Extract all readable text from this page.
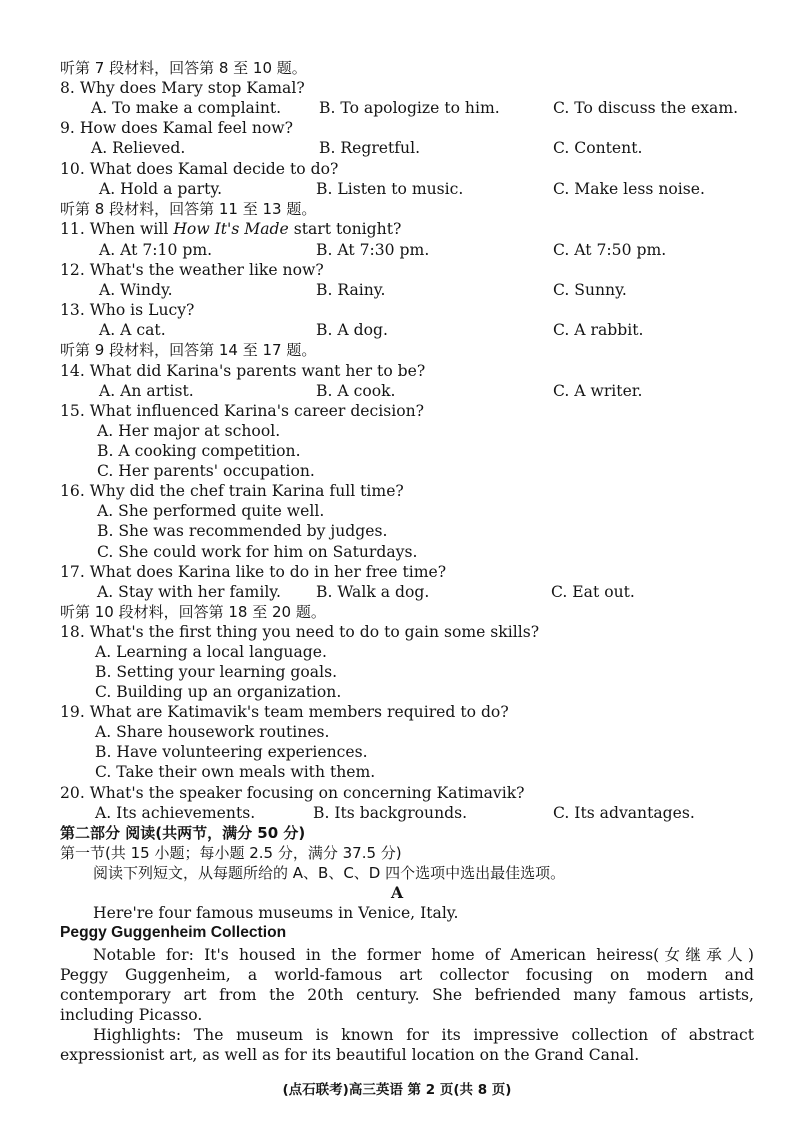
听第 7 段材料，回答第 8 至 10 题。
8. Why does Mary stop Kamal?
A. To make a complaint. B. To apologize to him.	C. To discuss the exam.
9. How does Kamal feel now?
A. Relieved.	B. Regretful.	C. Content.
10. What does Kamal decide to do?
A. Hold a party.	B. Listen to music.	C. Make less noise.
听第 8 段材料，回答第 11 至 13 题。
11. When will How It's Made start tonight?
A. At 7:10 pm.	B. At 7:30 pm.	C. At 7:50 pm.
12. What's the weather like now?
A. Windy.	B. Rainy.	C. Sunny.
13. Who is Lucy?
A. A cat.	B. A dog.	C. A rabbit.
听第 9 段材料，回答第 14 至 17 题。
14. What did Karina's parents want her to be?
A. An artist.	B. A cook.	C. A writer.
15. What influenced Karina's career decision?
A. Her major at school.
B. A cooking competition.
C. Her parents' occupation.
16. Why did the chef train Karina full time?
A. She performed quite well.
B. She was recommended by judges.
C. She could work for him on Saturdays.
17. What does Karina like to do in her free time?
A. Stay with her family. B. Walk a dog.	C. Eat out.
听第 10 段材料，回答第 18 至 20 题。
18. What's the first thing you need to do to gain some skills?
A. Learning a local language.
B. Setting your learning goals.
C. Building up an organization.
19. What are Katimavik's team members required to do?
A. Share housework routines.
B. Have volunteering experiences.
C. Take their own meals with them.
20. What's the speaker focusing on concerning Katimavik?
A. Its achievements.	B. Its backgrounds.	C. Its advantages.
第二部分 阅读(共两节，满分 50 分)
第一节(共 15 小题；每小题 2.5 分，满分 37.5 分)
阅读下列短文，从每题所给的 A、B、C、D 四个选项中选出最佳选项。
A
Here're four famous museums in Venice, Italy.
Peggy Guggenheim Collection
Notable for: It's housed in the former home of American heiress(女继承人)
Peggy Guggenheim, a world-famous art collector focusing on modern and
contemporary art from the 20th century. She befriended many famous artists,
including Picasso.
Highlights: The museum is known for its impressive collection of abstract
expressionist art, as well as for its beautiful location on the Grand Canal.
(点石联考)高三英语 第 2 页(共 8 页)
